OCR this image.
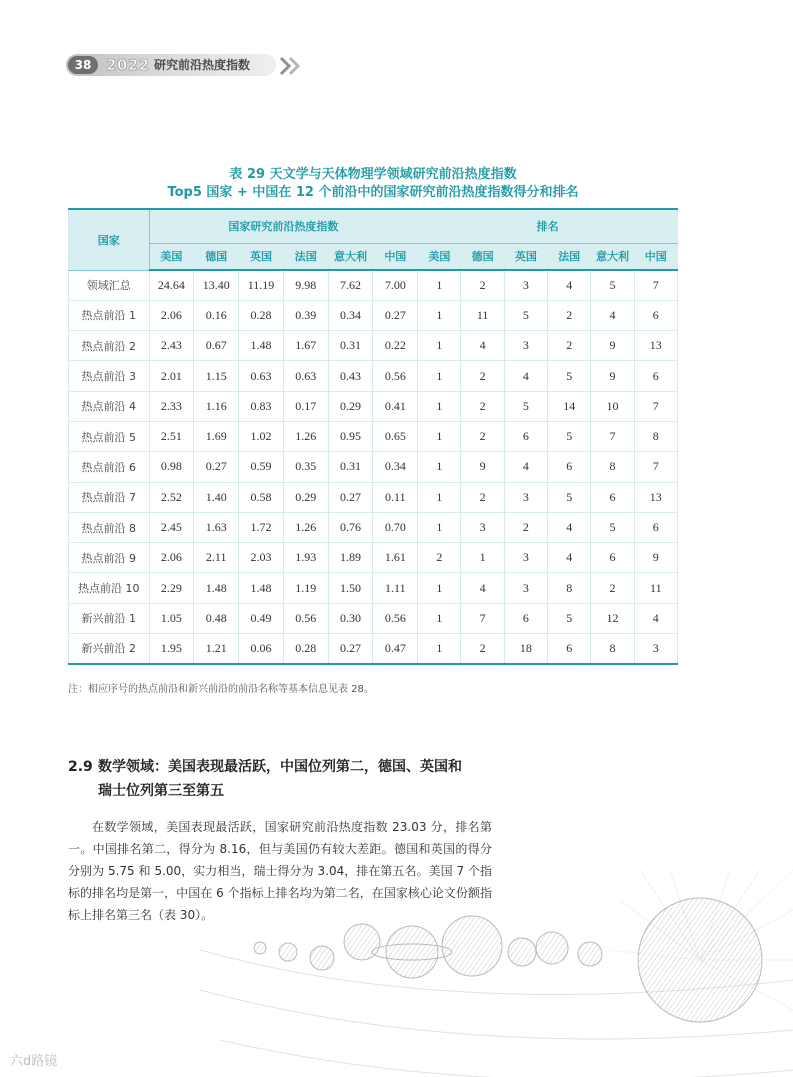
38 2022 研究前沿热度指数
表 29 天文学与天体物理学领域研究前沿热度指数
Top5 国家 + 中国在 12 个前沿中的国家研究前沿热度指数得分和排名
国家	国家研究前沿热度指数						排名					
	美国	德国	英国	法国	意大利	中国	美国	德国	英国	法国	意大利	中国
领域汇总	24.64	13.40	11.19	9.98	7.62	7.00	1	2	3	4	5	7
热点前沿 1	2.06	0.16	0.28	0.39	0.34	0.27	1	11	5	2	4	6
热点前沿 2	2.43	0.67	1.48	1.67	0.31	0.22	1	4	3	2	9	13
热点前沿 3	2.01	1.15	0.63	0.63	0.43	0.56	1	2	4	5	9	6
热点前沿 4	2.33	1.16	0.83	0.17	0.29	0.41	1	2	5	14	10	7
热点前沿 5	2.51	1.69	1.02	1.26	0.95	0.65	1	2	6	5	7	8
热点前沿 6	0.98	0.27	0.59	0.35	0.31	0.34	1	9	4	6	8	7
热点前沿 7	2.52	1.40	0.58	0.29	0.27	0.11	1	2	3	5	6	13
热点前沿 8	2.45	1.63	1.72	1.26	0.76	0.70	1	3	2	4	5	6
热点前沿 9	2.06	2.11	2.03	1.93	1.89	1.61	2	1	3	4	6	9
热点前沿 10	2.29	1.48	1.48	1.19	1.50	1.11	1	4	3	8	2	11
新兴前沿 1	1.05	0.48	0.49	0.56	0.30	0.56	1	7	6	5	12	4
新兴前沿 2	1.95	1.21	0.06	0.28	0.27	0.47	1	2	18	6	8	3
注：相应序号的热点前沿和新兴前沿的前沿名称等基本信息见表 28。
2.9 数学领域：美国表现最活跃，中国位列第二，德国、英国和
瑞士位列第三至第五

在数学领域，美国表现最活跃，国家研究前沿热度指数 23.03 分，排名第一。中国排名第二，得分为 8.16，但与美国仍有较大差距。德国和英国的得分分别为 5.75 和 5.00，实力相当，瑞士得分为 3.04，排在第五名。美国 7 个指标的排名均是第一，中国在 6 个指标上排名均为第二名，在国家核心论文份额指标上排名第三名（表 30）。

六d路镜
